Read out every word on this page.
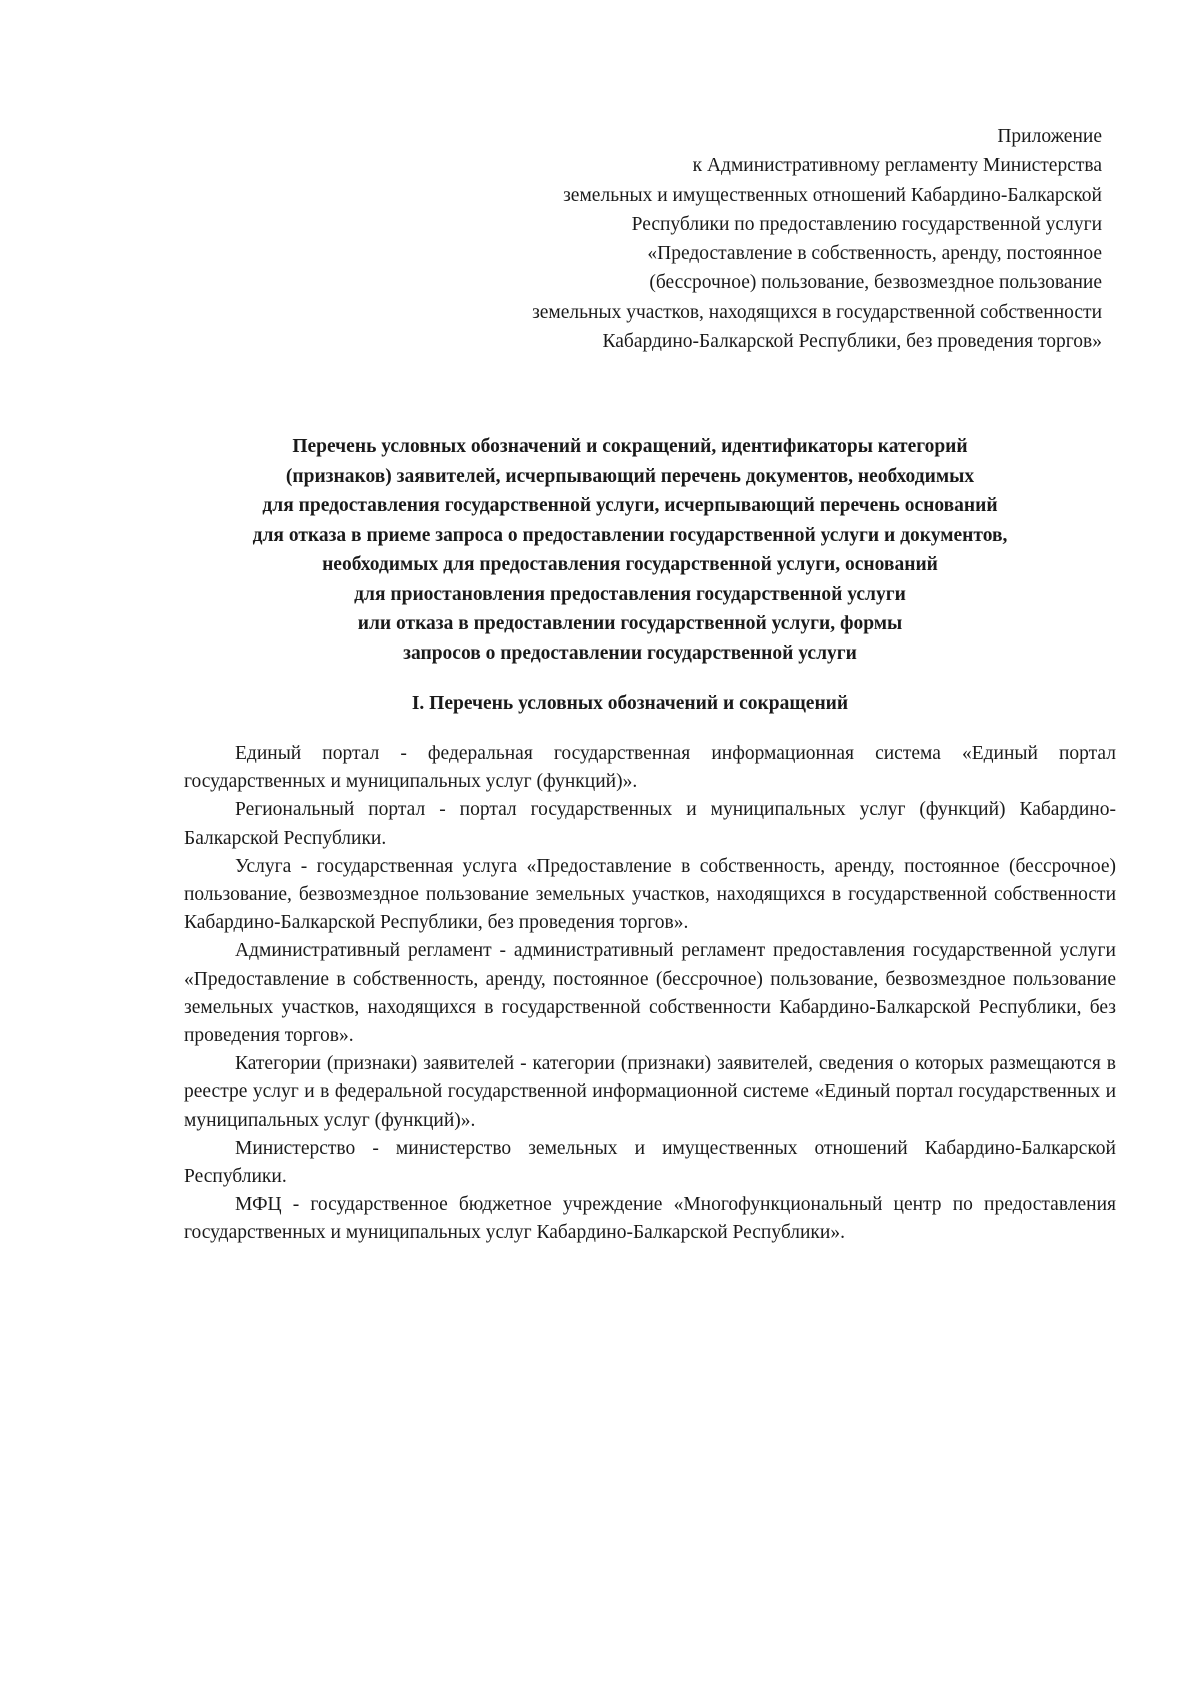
Приложение
к Административному регламенту Министерства
земельных и имущественных отношений Кабардино-Балкарской
Республики по предоставлению государственной услуги
«Предоставление в собственность, аренду, постоянное
(бессрочное) пользование, безвозмездное пользование
земельных участков, находящихся в государственной собственности
Кабардино-Балкарской Республики, без проведения торгов»
Перечень условных обозначений и сокращений, идентификаторы категорий
(признаков) заявителей, исчерпывающий перечень документов, необходимых
для предоставления государственной услуги, исчерпывающий перечень оснований
для отказа в приеме запроса о предоставлении государственной услуги и документов,
необходимых для предоставления государственной услуги, оснований
для приостановления предоставления государственной услуги
или отказа в предоставлении государственной услуги, формы
запросов о предоставлении государственной услуги
I. Перечень условных обозначений и сокращений

Единый портал - федеральная государственная информационная система «Единый портал государственных и муниципальных услуг (функций)».

Региональный портал - портал государственных и муниципальных услуг (функций) Кабардино-Балкарской Республики.

Услуга - государственная услуга «Предоставление в собственность, аренду, постоянное (бессрочное) пользование, безвозмездное пользование земельных участков, находящихся в государственной собственности Кабардино-Балкарской Республики, без проведения торгов».

Административный регламент - административный регламент предоставления государственной услуги «Предоставление в собственность, аренду, постоянное (бессрочное) пользование, безвозмездное пользование земельных участков, находящихся в государственной собственности Кабардино-Балкарской Республики, без проведения торгов».

Категории (признаки) заявителей - категории (признаки) заявителей, сведения о которых размещаются в реестре услуг и в федеральной государственной информационной системе «Единый портал государственных и муниципальных услуг (функций)».

Министерство - министерство земельных и имущественных отношений Кабардино-Балкарской Республики.

МФЦ - государственное бюджетное учреждение «Многофункциональный центр по предоставления государственных и муниципальных услуг Кабардино-Балкарской Республики».
